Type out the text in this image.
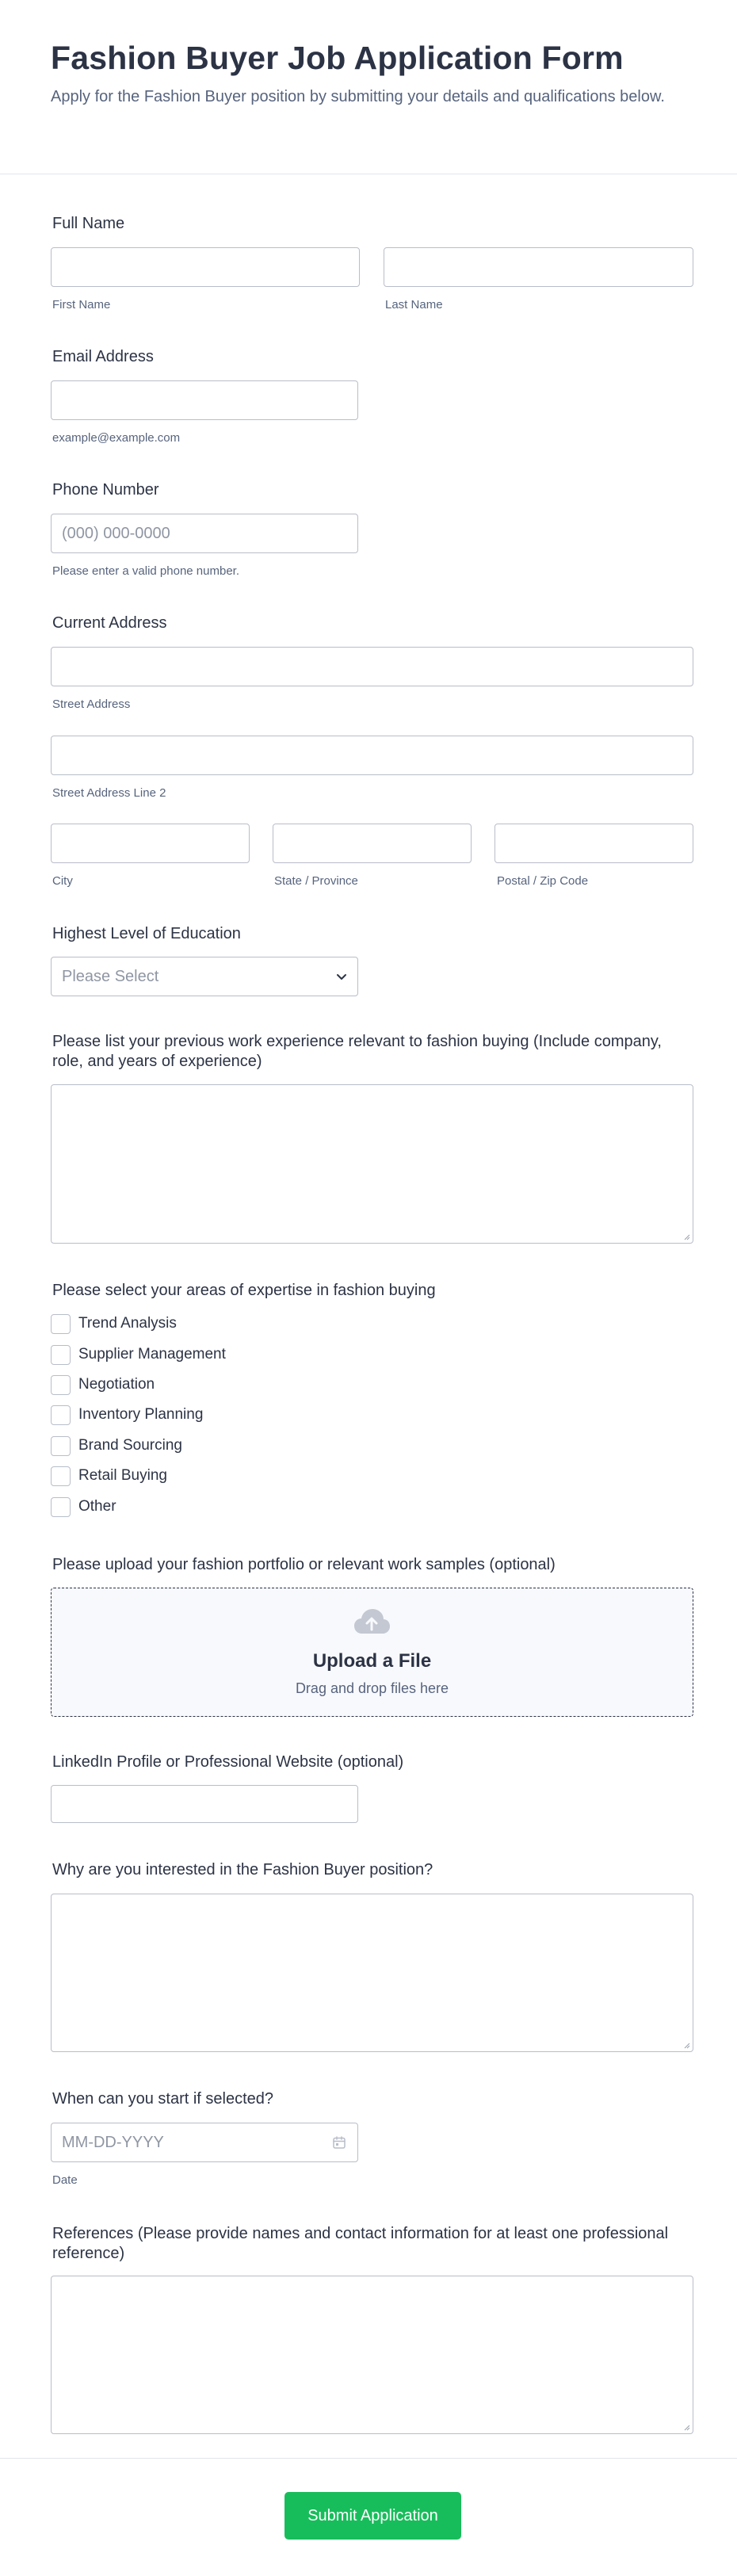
Fashion Buyer Job Application Form

Apply for the Fashion Buyer position by submitting your details and qualifications below.

Full Name
First Name	Last Name
Email Address
example@example.com
Phone Number
(000) 000-0000
Please enter a valid phone number.
Current Address
Street Address
Street Address Line 2
City	State / Province	Postal / Zip Code
Highest Level of Education
Please Select
Please list your previous work experience relevant to fashion buying (Include company, role, and years of experience)
Please select your areas of expertise in fashion buying
Trend Analysis
Supplier Management
Negotiation
Inventory Planning
Brand Sourcing
Retail Buying
Other
Please upload your fashion portfolio or relevant work samples (optional)
Upload a File
Drag and drop files here
LinkedIn Profile or Professional Website (optional)
Why are you interested in the Fashion Buyer position?
When can you start if selected?
MM-DD-YYYY
Date
References (Please provide names and contact information for at least one professional reference)
Submit Application
